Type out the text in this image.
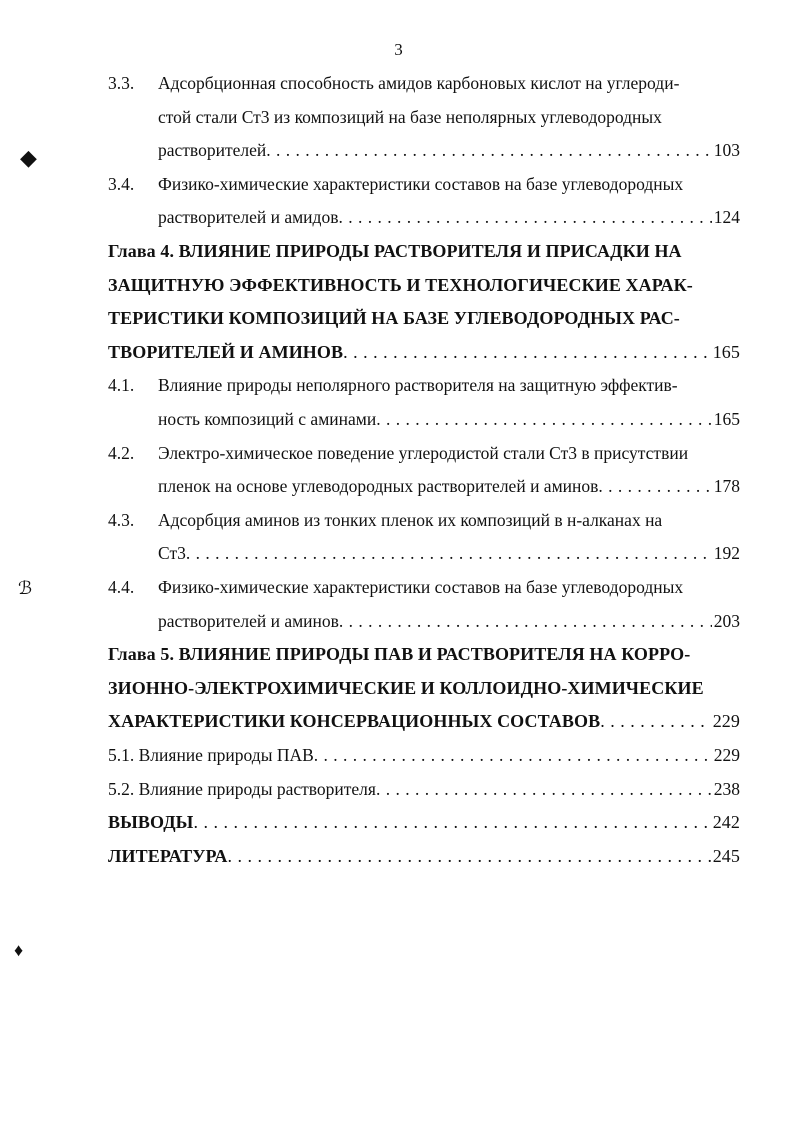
3
3.3. Адсорбционная способность амидов карбоновых кислот на углероди-
стой стали Ст3 из композиций на базе неполярных углеводородных
растворителей . . .	103
3.4. Физико-химические характеристики составов на базе углеводородных
растворителей и амидов . . .	124
Глава 4. ВЛИЯНИЕ ПРИРОДЫ РАСТВОРИТЕЛЯ И ПРИСАДКИ НА
ЗАЩИТНУЮ ЭФФЕКТИВНОСТЬ И ТЕХНОЛОГИЧЕСКИЕ ХАРАК-
ТЕРИСТИКИ КОМПОЗИЦИЙ НА БАЗЕ УГЛЕВОДОРОДНЫХ РАС-
ТВОРИТЕЛЕЙ И АМИНОВ . . .	165
4.1. Влияние природы неполярного растворителя на защитную эффектив-
ность композиций с аминами . . .	165
4.2. Электро-химическое поведение углеродистой стали Ст3 в присутствии
пленок на основе углеводородных растворителей и аминов . . .	178
4.3. Адсорбция аминов из тонких пленок их композиций в н-алканах на
Ст3 . . .	192
4.4. Физико-химические характеристики составов на базе углеводородных
растворителей и аминов . . .	203
Глава 5. ВЛИЯНИЕ ПРИРОДЫ ПАВ И РАСТВОРИТЕЛЯ НА КОРРО-
ЗИОННО-ЭЛЕКТРОХИМИЧЕСКИЕ И КОЛЛОИДНО-ХИМИЧЕСКИЕ
ХАРАКТЕРИСТИКИ КОНСЕРВАЦИОННЫХ СОСТАВОВ . . .	229
5.1. Влияние природы ПАВ . . .	229
5.2. Влияние природы растворителя . . .	238
ВЫВОДЫ . . .	242
ЛИТЕРАТУРА . . .	245
◆
ℬ
♦
